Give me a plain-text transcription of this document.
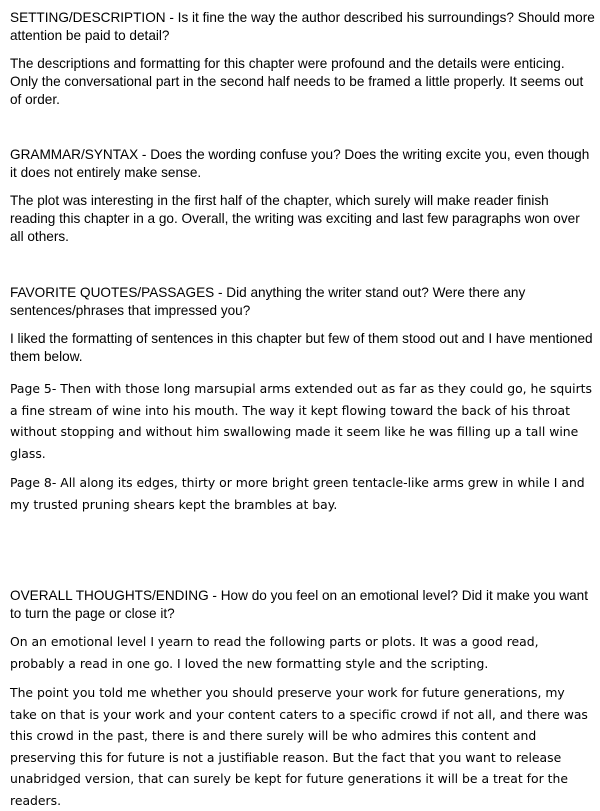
SETTING/DESCRIPTION - Is it fine the way the author described his surroundings? Should more attention be paid to detail?

The descriptions and formatting for this chapter were profound and the details were enticing. Only the conversational part in the second half needs to be framed a little properly. It seems out of order.

GRAMMAR/SYNTAX - Does the wording confuse you? Does the writing excite you, even though it does not entirely make sense.

The plot was interesting in the first half of the chapter, which surely will make reader finish reading this chapter in a go. Overall, the writing was exciting and last few paragraphs won over all others.

FAVORITE QUOTES/PASSAGES - Did anything the writer stand out? Were there any sentences/phrases that impressed you?

I liked the formatting of sentences in this chapter but few of them stood out and I have mentioned them below.

Page 5- Then with those long marsupial arms extended out as far as they could go, he squirts a fine stream of wine into his mouth. The way it kept flowing toward the back of his throat without stopping and without him swallowing made it seem like he was filling up a tall wine glass.

Page 8- All along its edges, thirty or more bright green tentacle-like arms grew in while I and my trusted pruning shears kept the brambles at bay.

OVERALL THOUGHTS/ENDING - How do you feel on an emotional level? Did it make you want to turn the page or close it?

On an emotional level I yearn to read the following parts or plots. It was a good read, probably a read in one go. I loved the new formatting style and the scripting.

The point you told me whether you should preserve your work for future generations, my take on that is your work and your content caters to a specific crowd if not all, and there was this crowd in the past, there is and there surely will be who admires this content and preserving this for future is not a justifiable reason. But the fact that you want to release unabridged version, that can surely be kept for future generations it will be a treat for the readers.
